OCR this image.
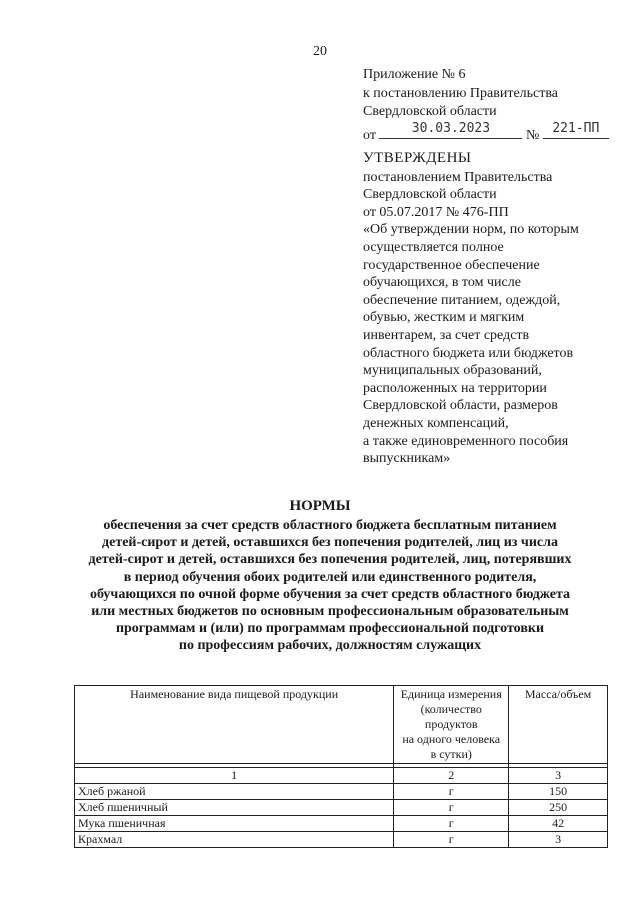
20
Приложение № 6
к постановлению Правительства
Свердловской области
от	30.03.2023	№	221-ПП
УТВЕРЖДЕНЫ
постановлением Правительства
Свердловской области
от 05.07.2017 № 476-ПП
«Об утверждении норм, по которым
осуществляется полное
государственное обеспечение
обучающихся, в том числе
обеспечение питанием, одеждой,
обувью, жестким и мягким
инвентарем, за счет средств
областного бюджета или бюджетов
муниципальных образований,
расположенных на территории
Свердловской области, размеров
денежных компенсаций,
а также единовременного пособия
выпускникам»
НОРМЫ
обеспечения за счет средств областного бюджета бесплатным питанием
детей-сирот и детей, оставшихся без попечения родителей, лиц из числа
детей-сирот и детей, оставшихся без попечения родителей, лиц, потерявших
в период обучения обоих родителей или единственного родителя,
обучающихся по очной форме обучения за счет средств областного бюджета
или местных бюджетов по основным профессиональным образовательным
программам и (или) по программам профессиональной подготовки
по профессиям рабочих, должностям служащих
Наименование вида пищевой продукции	Единица измерения
(количество
продуктов
на одного человека
в сутки)	Масса/объем

1	2	3
Хлеб ржаной	г	150
Хлеб пшеничный	г	250
Мука пшеничная	г	42
Крахмал	г	3
